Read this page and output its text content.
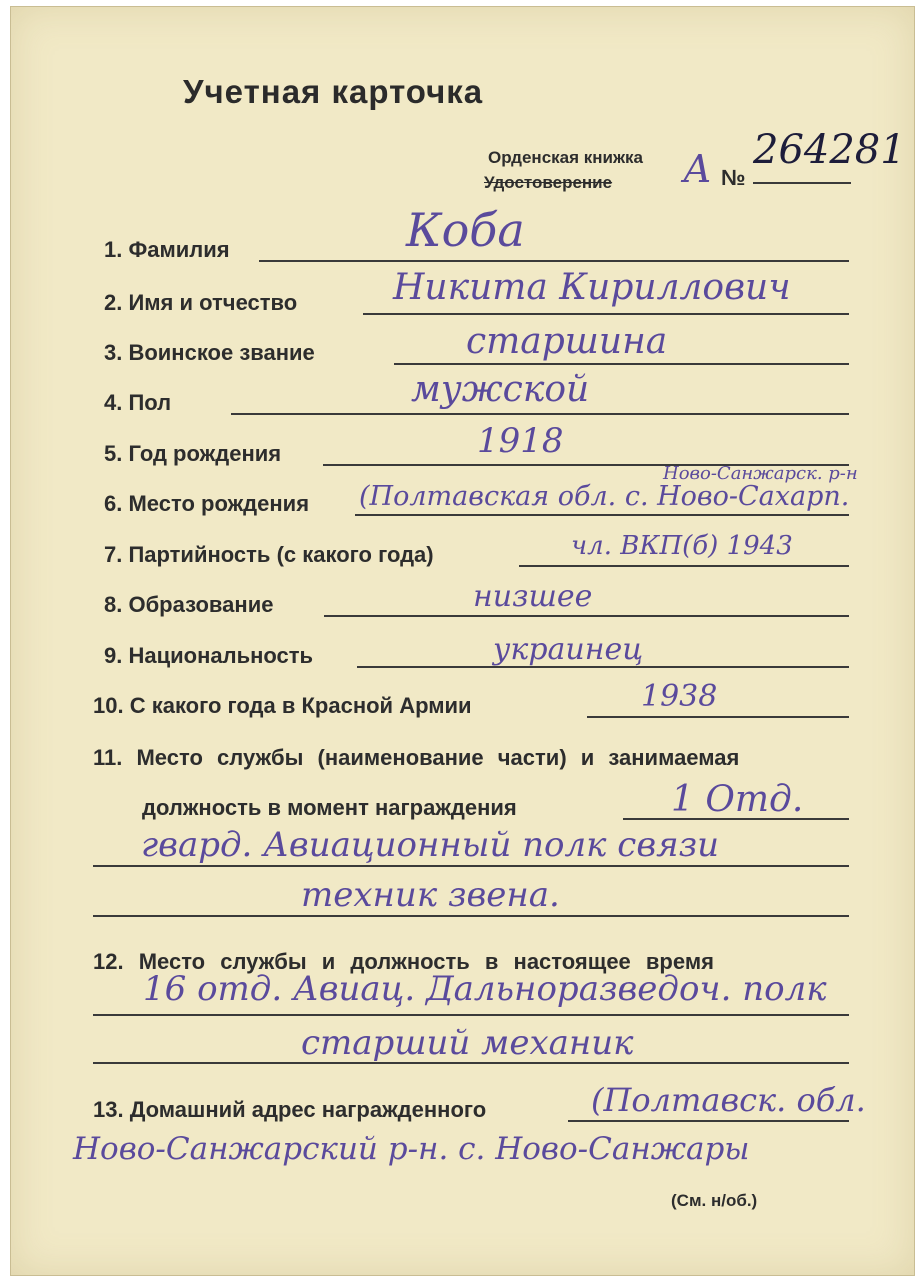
Учетная карточка
Орденская книжка
Удостоверение А №
264281
1. Фамилия	Коба
2. Имя и отчество	Никита Кириллович
3. Воинское звание	старшина
4. Пол	мужской
5. Год рождения	1918
6. Место рождения
Ново-Санжарск. р-н
(Полтавская обл. с. Ново-Сахарп.
7. Партийность (с какого года)	чл. ВКП(б) 1943
8. Образование	низшее
9. Национальность	украинец
10. С какого года в Красной Армии	1938
11. Место службы (наименование части) и занимаемая
должность в момент награждения	1 Отд.
гвард. Авиационный полк связи
техник звена.
12. Место службы и должность в настоящее время
16 отд. Авиац. Дальноразведоч. полк
старший механик
13. Домашний адрес награжденного	(Полтавск. обл.
Ново-Санжарский р-н. с. Ново-Санжары
(См. н/об.)
